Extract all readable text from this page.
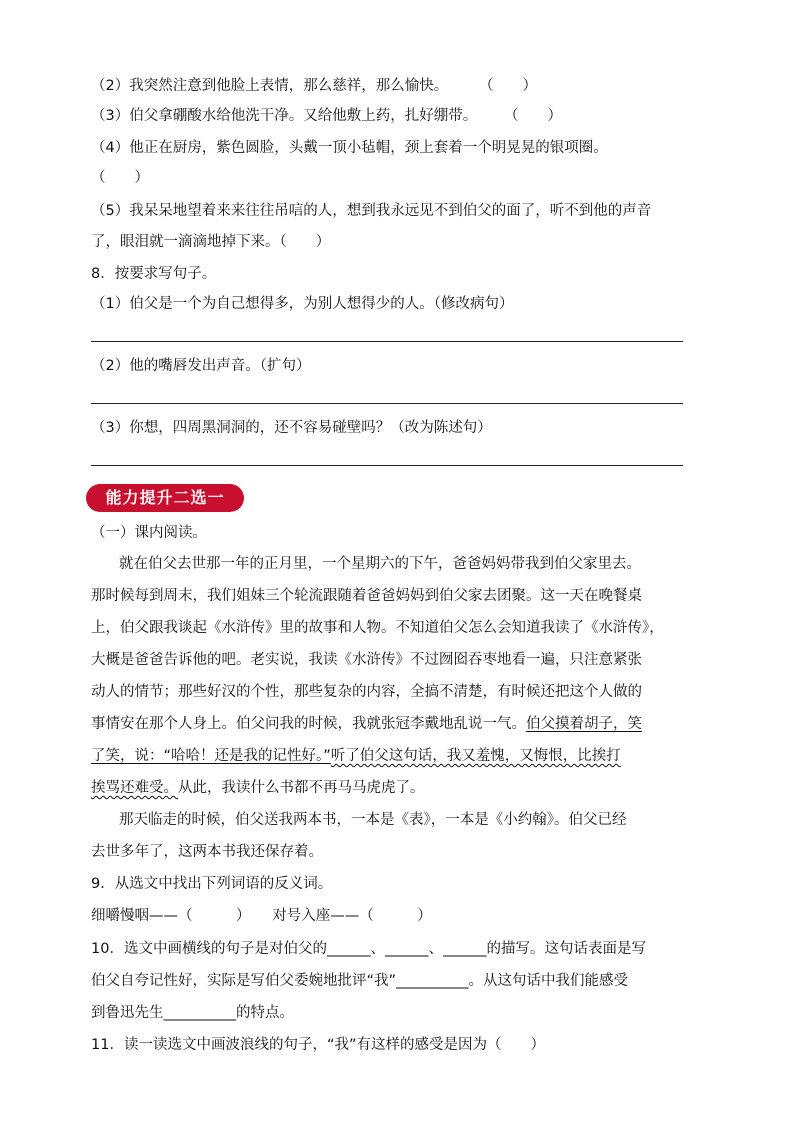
（2）我突然注意到他脸上表情，那么慈祥，那么愉快。	（　　）
（3）伯父拿硼酸水给他洗干净。又给他敷上药，扎好绷带。 （　　）
（4）他正在厨房，紫色圆脸，头戴一顶小毡帽，颈上套着一个明晃晃的银项圈。
（　　）
（5）我呆呆地望着来来往往吊唁的人，想到我永远见不到伯父的面了，听不到他的声音
了，眼泪就一滴滴地掉下来。（　　）
8．按要求写句子。
（1）伯父是一个为自己想得多，为别人想得少的人。（修改病句）
（2）他的嘴唇发出声音。（扩句）
（3）你想，四周黑洞洞的，还不容易碰壁吗？（改为陈述句）
能力提升二选一
（一）课内阅读。
就在伯父去世那一年的正月里，一个星期六的下午，爸爸妈妈带我到伯父家里去。
那时候每到周末，我们姐妹三个轮流跟随着爸爸妈妈到伯父家去团聚。这一天在晚餐桌
上，伯父跟我谈起《水浒传》里的故事和人物。不知道伯父怎么会知道我读了《水浒传》，
大概是爸爸告诉他的吧。老实说，我读《水浒传》不过囫囵吞枣地看一遍，只注意紧张
动人的情节；那些好汉的个性，那些复杂的内容，全搞不清楚，有时候还把这个人做的
事情安在那个人身上。伯父问我的时候，我就张冠李戴地乱说一气。伯父摸着胡子，笑
了笑，说：“哈哈！还是我的记性好。”听了伯父这句话，我又羞愧，又悔恨，比挨打
挨骂还难受。从此，我读什么书都不再马马虎虎了。
那天临走的时候，伯父送我两本书，一本是《表》，一本是《小约翰》。伯父已经
去世多年了，这两本书我还保存着。
9．从选文中找出下列词语的反义词。
细嚼慢咽——（　　　）　　对号入座——（　　　）
10．选文中画横线的句子是对伯父的______、______、______的描写。这句话表面是写
伯父自夸记性好，实际是写伯父委婉地批评“我”__________。从这句话中我们能感受
到鲁迅先生__________的特点。
11．读一读选文中画波浪线的句子，“我”有这样的感受是因为（　　）
